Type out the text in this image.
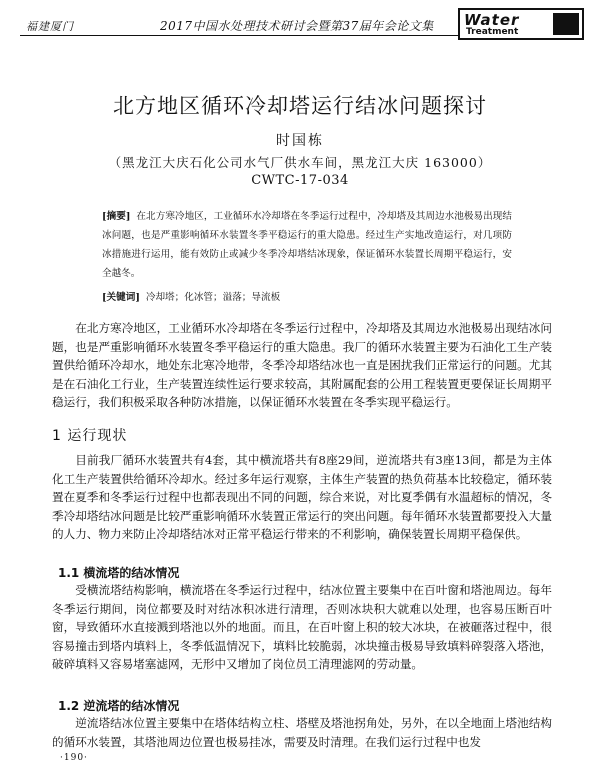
福建厦门	2017中国水处理技术研讨会暨第37届年会论文集 Water
Treatment
北方地区循环冷却塔运行结冰问题探讨
时国栋
（黑龙江大庆石化公司水气厂供水车间，黑龙江大庆 163000）
CWTC-17-034
[摘要] 在北方寒冷地区，工业循环水冷却塔在冬季运行过程中，冷却塔及其周边水池极易出现结冰问题，也是严重影响循环水装置冬季平稳运行的重大隐患。经过生产实地改造运行，对几项防冰措施进行运用，能有效防止或减少冬季冷却塔结冰现象，保证循环水装置长周期平稳运行，安全越冬。
[关键词] 冷却塔；化冰管；溢落；导流板
在北方寒冷地区，工业循环水冷却塔在冬季运行过程中，冷却塔及其周边水池极易出现结冰问题，也是严重影响循环水装置冬季平稳运行的重大隐患。我厂的循环水装置主要为石油化工生产装置供给循环冷却水，地处东北寒冷地带，冬季冷却塔结冰也一直是困扰我们正常运行的问题。尤其是在石油化工行业，生产装置连续性运行要求较高，其附属配套的公用工程装置更要保证长周期平稳运行，我们积极采取各种防冰措施，以保证循环水装置在冬季实现平稳运行。
1 运行现状
目前我厂循环水装置共有4套，其中横流塔共有8座29间，逆流塔共有3座13间，都是为主体化工生产装置供给循环冷却水。经过多年运行观察，主体生产装置的热负荷基本比较稳定，循环装置在夏季和冬季运行过程中也都表现出不同的问题，综合来说，对比夏季偶有水温超标的情况，冬季冷却塔结冰问题是比较严重影响循环水装置正常运行的突出问题。每年循环水装置都要投入大量的人力、物力来防止冷却塔结冰对正常平稳运行带来的不利影响，确保装置长周期平稳保供。
1.1 横流塔的结冰情况
受横流塔结构影响，横流塔在冬季运行过程中，结冰位置主要集中在百叶窗和塔池周边。每年冬季运行期间，岗位都要及时对结冰积冰进行清理，否则冰块积大就难以处理，也容易压断百叶窗，导致循环水直接溅到塔池以外的地面。而且，在百叶窗上积的较大冰块，在被砸落过程中，很容易撞击到塔内填料上，冬季低温情况下，填料比较脆弱，冰块撞击极易导致填料碎裂落入塔池，破碎填料又容易堵塞滤网，无形中又增加了岗位员工清理滤网的劳动量。
1.2 逆流塔的结冰情况
逆流塔结冰位置主要集中在塔体结构立柱、塔壁及塔池拐角处，另外，在以全地面上塔池结构的循环水装置，其塔池周边位置也极易挂冰，需要及时清理。在我们运行过程中也发
·190·
